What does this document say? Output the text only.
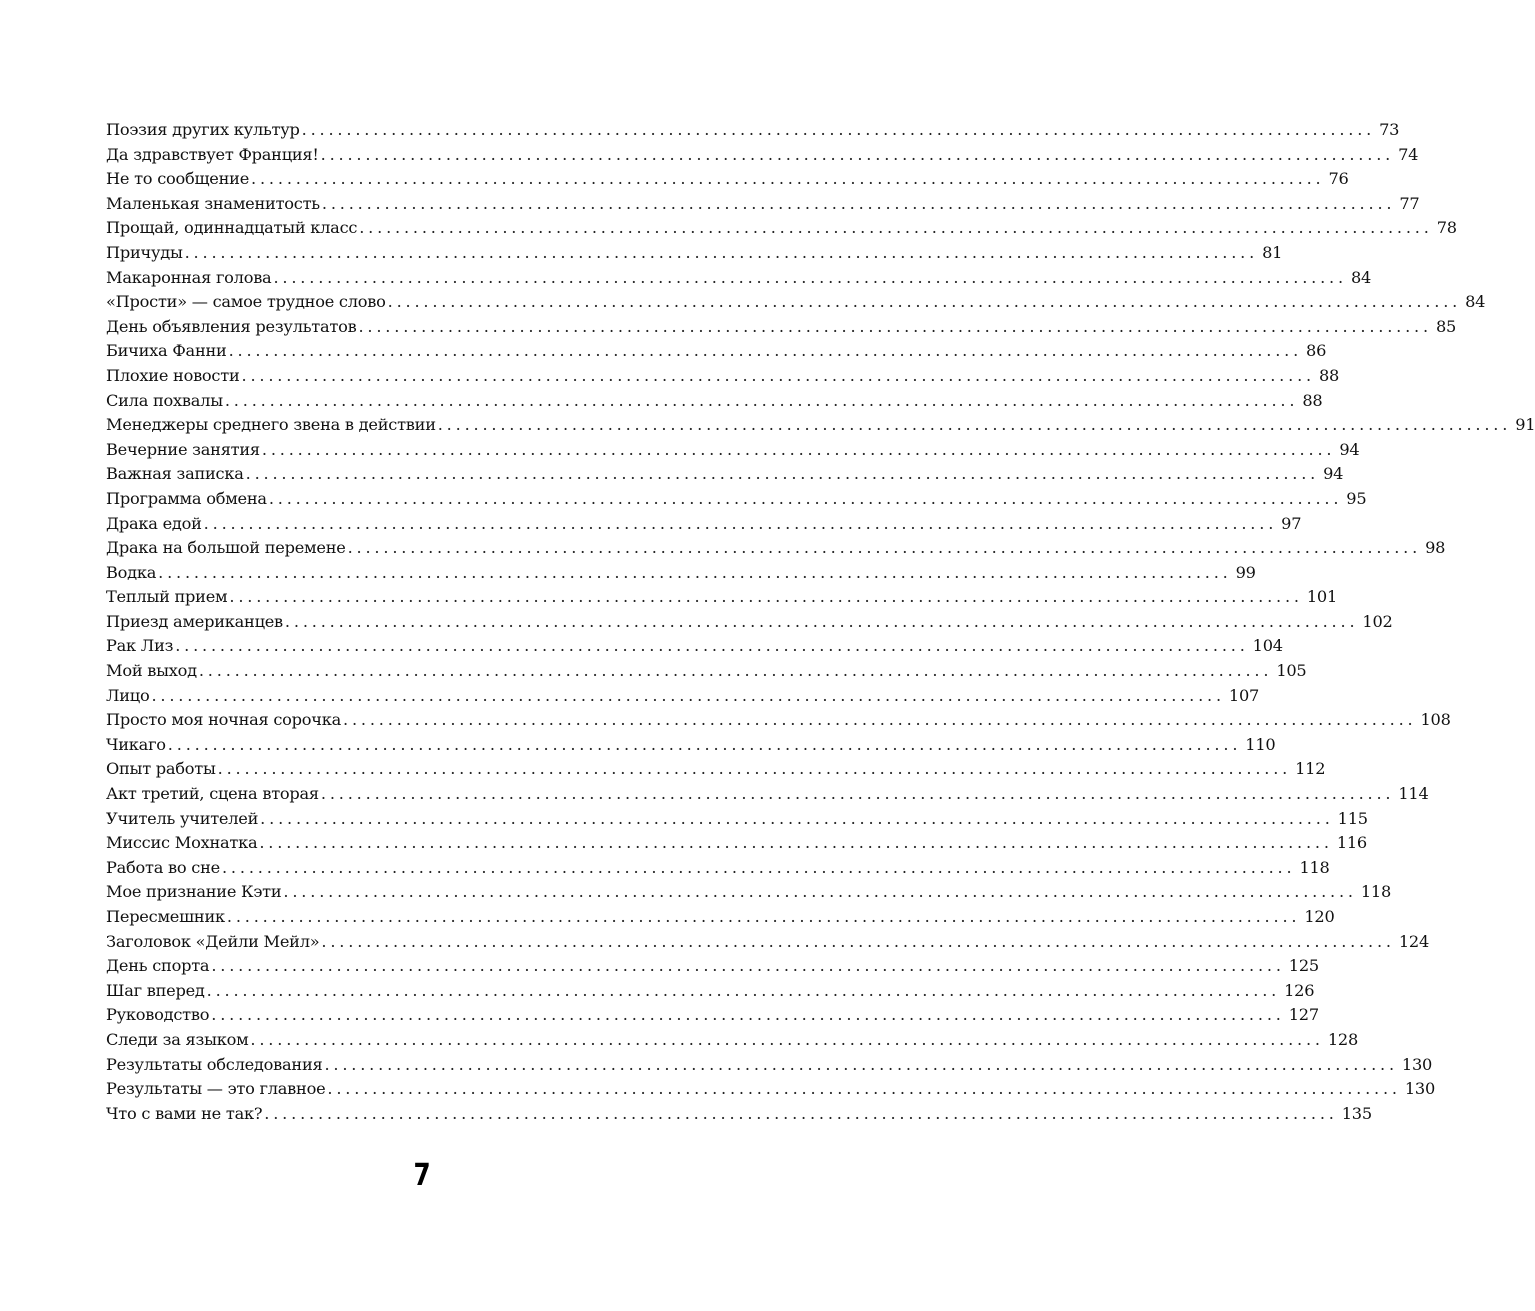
Поэзия других культур ........................................................................................................................ 73
Да здравствует Франция! ........................................................................................................................ 74
Не то сообщение ........................................................................................................................ 76
Маленькая знаменитость ........................................................................................................................ 77
Прощай, одиннадцатый класс ........................................................................................................................ 78
Причуды ........................................................................................................................ 81
Макаронная голова ........................................................................................................................ 84
«Прости» — самое трудное слово ........................................................................................................................ 84
День объявления результатов ........................................................................................................................ 85
Бичиха Фанни ........................................................................................................................ 86
Плохие новости ........................................................................................................................ 88
Сила похвалы ........................................................................................................................ 88
Менеджеры среднего звена в действии ........................................................................................................................ 91
Вечерние занятия ........................................................................................................................ 94
Важная записка ........................................................................................................................ 94
Программа обмена ........................................................................................................................ 95
Драка едой ........................................................................................................................ 97
Драка на большой перемене ........................................................................................................................ 98
Водка ........................................................................................................................ 99
Теплый прием ........................................................................................................................ 101
Приезд американцев ........................................................................................................................ 102
Рак Лиз ........................................................................................................................ 104
Мой выход ........................................................................................................................ 105
Лицо ........................................................................................................................ 107
Просто моя ночная сорочка ........................................................................................................................ 108
Чикаго ........................................................................................................................ 110
Опыт работы ........................................................................................................................ 112
Акт третий, сцена вторая ........................................................................................................................ 114
Учитель учителей ........................................................................................................................ 115
Миссис Мохнатка ........................................................................................................................ 116
Работа во сне ........................................................................................................................ 118
Мое признание Кэти ........................................................................................................................ 118
Пересмешник ........................................................................................................................ 120
Заголовок «Дейли Мейл» ........................................................................................................................ 124
День спорта ........................................................................................................................ 125
Шаг вперед ........................................................................................................................ 126
Руководство ........................................................................................................................ 127
Следи за языком ........................................................................................................................ 128
Результаты обследования ........................................................................................................................ 130
Результаты — это главное ........................................................................................................................ 130
Что с вами не так? ........................................................................................................................ 135
7
